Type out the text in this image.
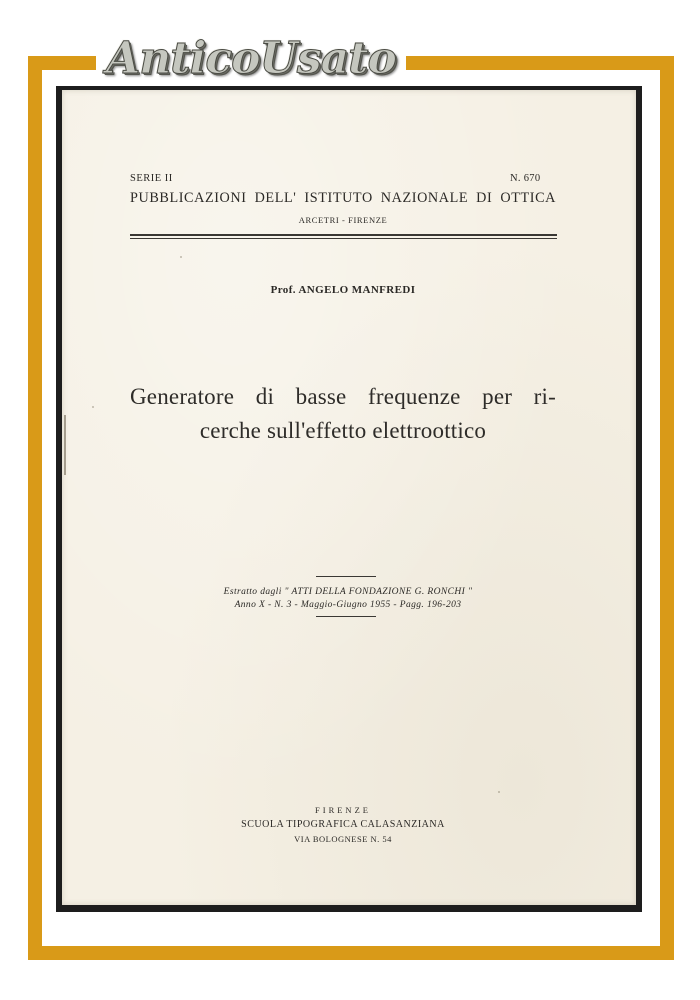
AnticoUsato
SERIE II	N. 670
PUBBLICAZIONI DELL' ISTITUTO NAZIONALE DI OTTICA
ARCETRI - FIRENZE
Prof. ANGELO MANFREDI
Generatore di basse frequenze per ri-
cerche sull'effetto elettroottico
Estratto dagli " ATTI DELLA FONDAZIONE G. RONCHI "
Anno X - N. 3 - Maggio-Giugno 1955 - Pagg. 196-203
FIRENZE
SCUOLA TIPOGRAFICA CALASANZIANA
VIA BOLOGNESE N. 54
